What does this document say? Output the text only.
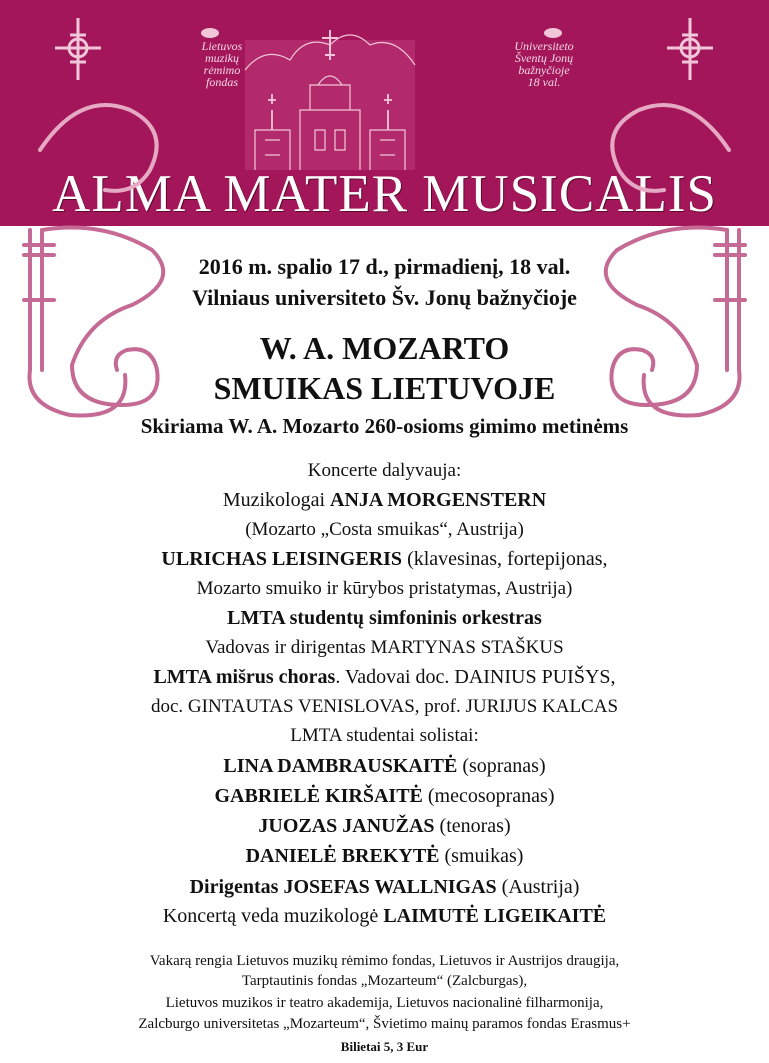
Lietuvos
muzikų
rėmimo
fondas
Universiteto
Šventų Jonų
bažnyčioje
18 val.
ALMA MATER MUSICALIS

2016 m. spalio 17 d., pirmadienį, 18 val.

Vilniaus universiteto Šv. Jonų bažnyčioje

W. A. MOZARTO

SMUIKAS LIETUVOJE

Skiriama W. A. Mozarto 260-osioms gimimo metinėms

Koncerte dalyvauja:

Muzikologai ANJA MORGENSTERN

(Mozarto „Costa smuikas“, Austrija)

ULRICHAS LEISINGERIS (klavesinas, fortepijonas,

Mozarto smuiko ir kūrybos pristatymas, Austrija)

LMTA studentų simfoninis orkestras

Vadovas ir dirigentas MARTYNAS STAŠKUS

LMTA mišrus choras. Vadovai doc. DAINIUS PUIŠYS,

doc. GINTAUTAS VENISLOVAS, prof. JURIJUS KALCAS

LMTA studentai solistai:

LINA DAMBRAUSKAITĖ (sopranas)

GABRIELĖ KIRŠAITĖ (mecosopranas)

JUOZAS JANUŽAS (tenoras)

DANIELĖ BREKYTĖ (smuikas)

Dirigentas JOSEFAS WALLNIGAS (Austrija)

Koncertą veda muzikologė LAIMUTĖ LIGEIKAITĖ

Vakarą rengia Lietuvos muzikų rėmimo fondas, Lietuvos ir Austrijos draugija,

Tarptautinis fondas „Mozarteum“ (Zalcburgas),

Lietuvos muzikos ir teatro akademija, Lietuvos nacionalinė filharmonija,

Zalcburgo universitetas „Mozarteum“, Švietimo mainų paramos fondas Erasmus+

Bilietai 5, 3 Eur
